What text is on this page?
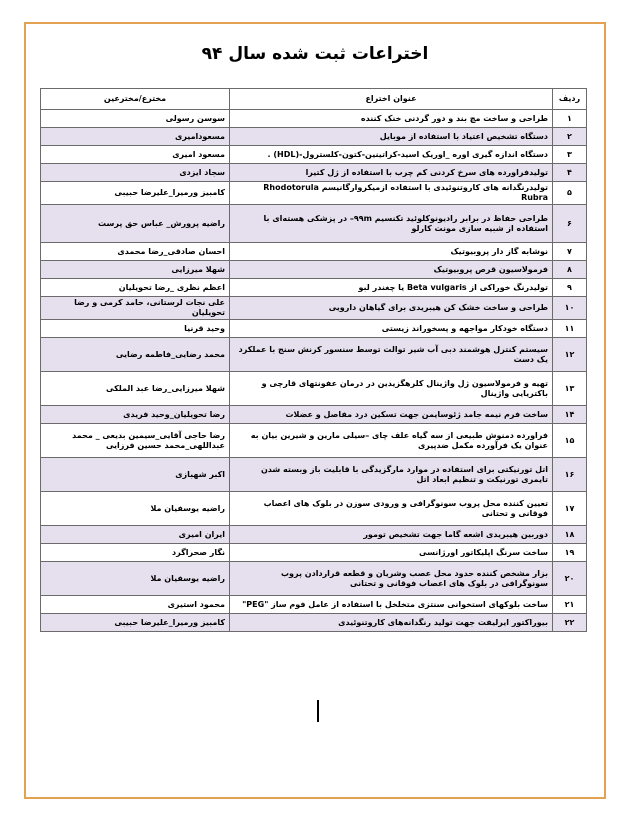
اختراعات ثبت شده سال ۹۴
ردیف	عنوان اختراع	مخترع/مخترعین
۱	طراحی و ساخت مچ بند و دور گردنی خنک کننده	سوسن رسولی
۲	دستگاه تشخیص اعتیاد با استفاده از موبایل	مسعودامیری
۳	دستگاه اندازه گیری اوره _اوریک اسید-کراتینین-کتون-کلسترول-(HDL) .	مسعود امیری
۴	تولیدفراورده های سرخ کردنی کم چرب با استفاده از ژل کتیرا	سجاد ایزدی
۵	تولیدرنگدانه های کاروتنوئیدی با استفاده ازمیکروارگانیسم Rhodotorula Rubra	کامبیز ورمیرا_علیرضا حبیبی
۶	طراحی حفاظ در برابر رادیونوکلوئید تکنسیم ۹۹m– در پزشکی هسته‌ای با استفاده از شبیه سازی مونت کارلو	راضیه پرورش_ عباس حق پرست
۷	نوشابه گاز دار پروبیوتیک	احسان صادقی_رضا محمدی
۸	فرمولاسیون قرص پروبیوتیک	شهلا میرزایی
۹	تولیدرنگ خوراکی از Beta vulgaris یا چغندر لبو	اعظم نظری _رضا تحویلیان
۱۰	طراحی و ساخت خشک کن هیبریدی برای گیاهان دارویی	علی نجات لرستانی، حامد کرمی و رضا تحویلیان
۱۱	دستگاه خودکار مواجهه و پسخوراند زیستی	وحید قرنیا
۱۲	سیستم کنترل هوشمند دبی آب شیر توالت توسط سنسور کرنش سنج با عملکرد یک دست	محمد رضایی_فاطمه رضایی
۱۳	تهیه و فرمولاسیون ژل واژینال کلرهگزیدین در درمان عفونتهای قارچی و باکتریایی واژینال	شهلا میرزایی_رضا عبد الملکی
۱۴	ساخت فرم نیمه جامد ژئوسایمن جهت تسکین درد مفاصل و عضلات	رضا تحویلیان_وحید فریدی
۱۵	فراورده دمنوش طبیعی از سه گیاه علف چای –سیلی مارین و شیرین بیان به عنوان یک فرآورده مکمل ضدپیری	رضا حاجی آقایی_سیمین بدیعی _ محمد عبداللهی_محمد حسین فرزایی
۱۶	اتل تورنیکتی برای استفاده در موارد مارگزیدگی با قابلیت باز وبسته شدن تایمری تورنیکت و تنظیم ابعاد اتل	اکبر شهبازی
۱۷	تعیین کننده محل پروب سونوگرافی و ورودی سوزن در بلوک های اعصاب فوقانی و تحتانی	راضیه یوسفیان ملا
۱۸	دوربین هیبریدی اشعه گاما جهت تشخیص تومور	ایران امیری
۱۹	ساخت سرنگ اپلیکاتور اورژانسی	نگار صحراگرد
۲۰	بزار مشخص کننده حدود محل عصب وشریان و قطعه قراردادن پروب سونوگرافی در بلوک های اعصاب فوقانی و تحتانی	راضیه یوسفیان ملا
۲۱	ساخت بلوکهای استخوانی سنتزی متخلخل با استفاده از عامل فوم ساز "PEG"	محمود استیری
۲۲	بیوراکتور ایرلیفت جهت تولید رنگدانه‌های کاروتنوئیدی	کامبیز ورمیرا_علیرضا حبیبی
